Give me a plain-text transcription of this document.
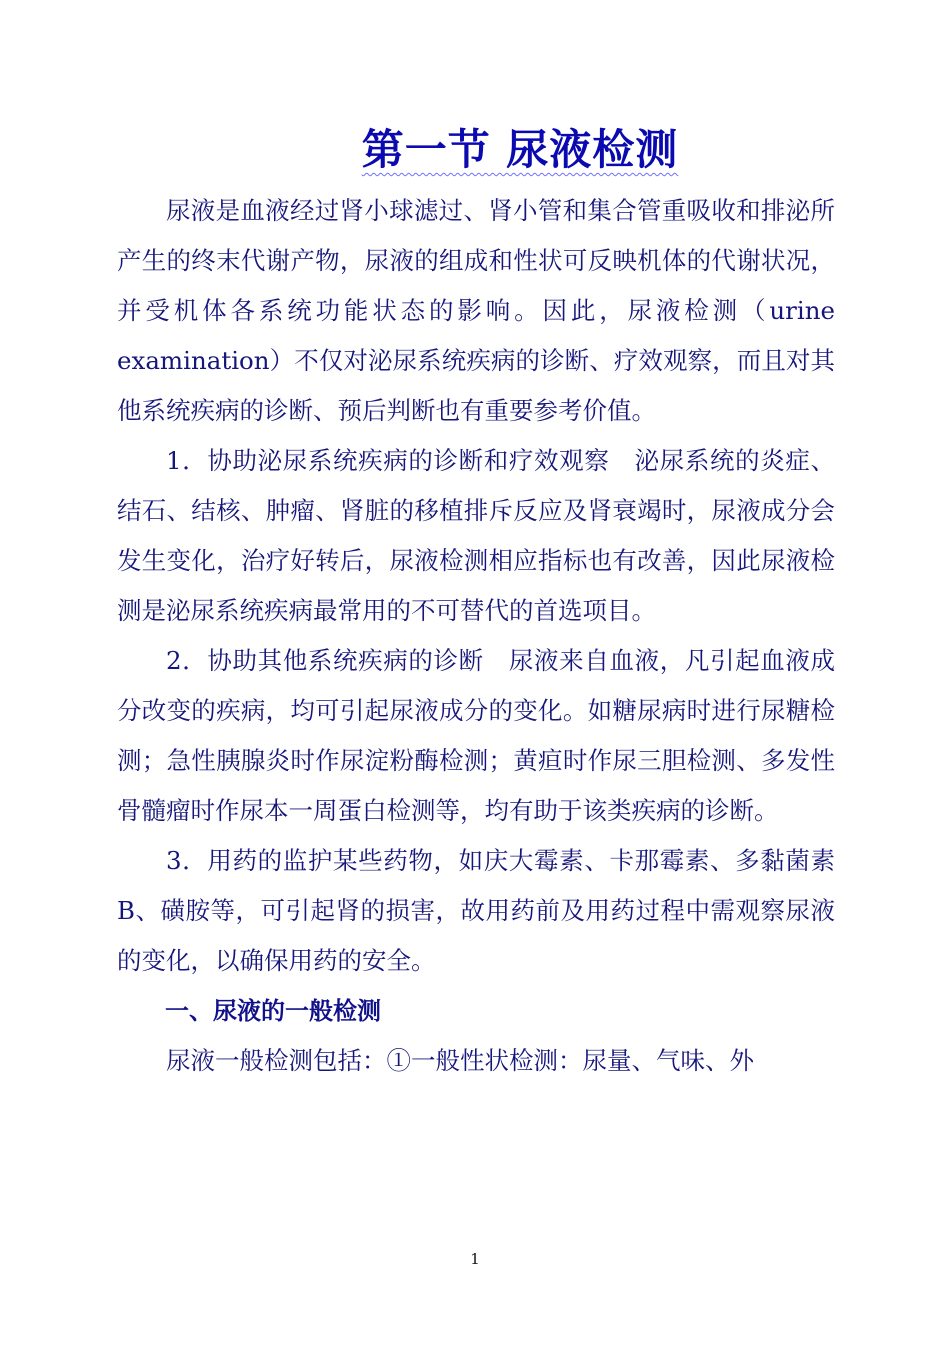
第一节 尿液检测

尿液是血液经过肾小球滤过、肾小管和集合管重吸收和排泌所产生的终末代谢产物，尿液的组成和性状可反映机体的代谢状况，并受机体各系统功能状态的影响。因此，尿液检测（urine examination）不仅对泌尿系统疾病的诊断、疗效观察，而且对其他系统疾病的诊断、预后判断也有重要参考价值。

1．协助泌尿系统疾病的诊断和疗效观察　泌尿系统的炎症、结石、结核、肿瘤、肾脏的移植排斥反应及肾衰竭时，尿液成分会发生变化，治疗好转后，尿液检测相应指标也有改善，因此尿液检测是泌尿系统疾病最常用的不可替代的首选项目。

2．协助其他系统疾病的诊断　尿液来自血液，凡引起血液成分改变的疾病，均可引起尿液成分的变化。如糖尿病时进行尿糖检测；急性胰腺炎时作尿淀粉酶检测；黄疸时作尿三胆检测、多发性骨髓瘤时作尿本一周蛋白检测等，均有助于该类疾病的诊断。

3．用药的监护某些药物，如庆大霉素、卡那霉素、多黏菌素 B、磺胺等，可引起肾的损害，故用药前及用药过程中需观察尿液的变化，以确保用药的安全。

一、尿液的一般检测

尿液一般检测包括：①一般性状检测：尿量、气味、外

1
